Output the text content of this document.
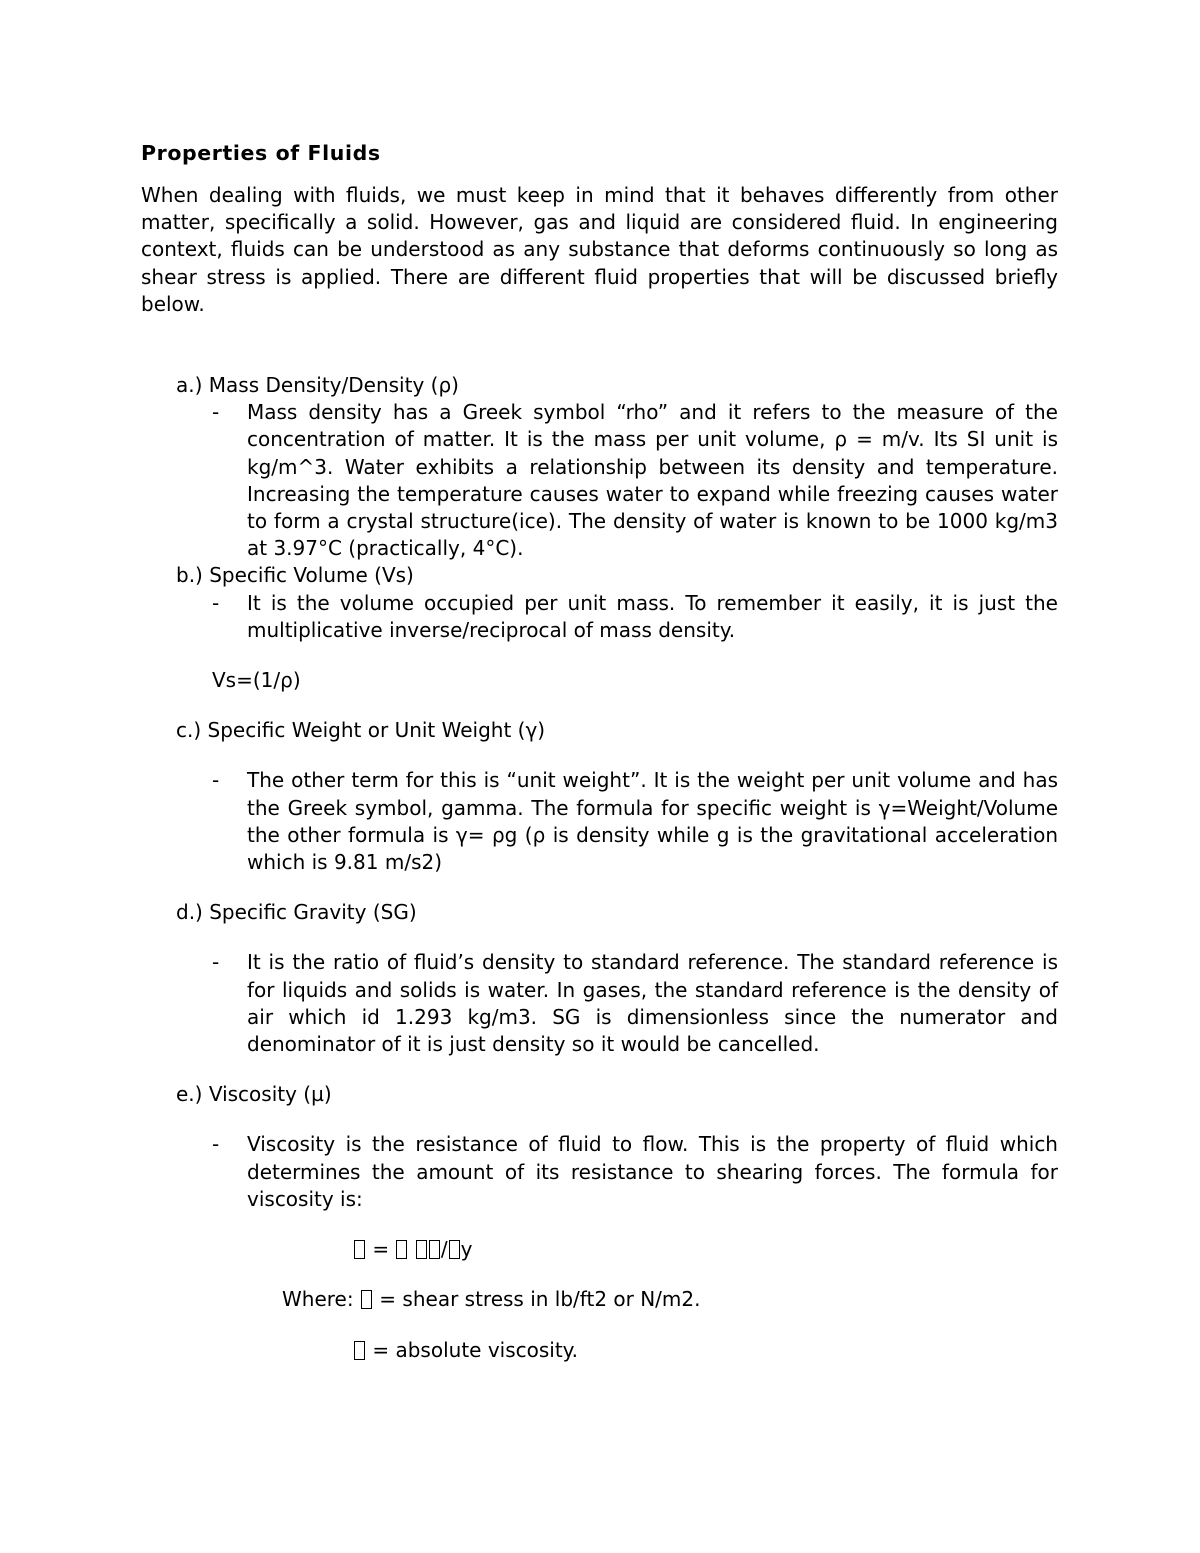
Properties of Fluids

When dealing with fluids, we must keep in mind that it behaves differently from other matter, specifically a solid. However, gas and liquid are considered fluid. In engineering context, fluids can be understood as any substance that deforms continuously so long as shear stress is applied. There are different fluid properties that will be discussed briefly below.

a.) Mass Density/Density (ρ)
-	Mass density has a Greek symbol “rho” and it refers to the measure of the concentration of matter. It is the mass per unit volume, ρ = m/v. Its SI unit is kg/m^3. Water exhibits a relationship between its density and temperature. Increasing the temperature causes water to expand while freezing causes water to form a crystal structure(ice). The density of water is known to be 1000 kg/m3 at 3.97°C (practically, 4°C).
b.) Specific Volume (Vs)
-	It is the volume occupied per unit mass. To remember it easily, it is just the multiplicative inverse/reciprocal of mass density.
Vs=(1/ρ)
c.) Specific Weight or Unit Weight (γ)
-	The other term for this is “unit weight”. It is the weight per unit volume and has the Greek symbol, gamma. The formula for specific weight is γ=Weight/Volume the other formula is γ= ρg (ρ is density while g is the gravitational acceleration which is 9.81 m/s2)
d.) Specific Gravity (SG)
-	It is the ratio of fluid’s density to standard reference. The standard reference is for liquids and solids is water. In gases, the standard reference is the density of air which id 1.293 kg/m3. SG is dimensionless since the numerator and denominator of it is just density so it would be cancelled.
e.) Viscosity (µ)
-	Viscosity is the resistance of fluid to flow. This is the property of fluid which determines the amount of its resistance to shearing forces. The formula for viscosity is:
=  / y
Where:  = shear stress in lb/ft2 or N/m2.
= absolute viscosity.
